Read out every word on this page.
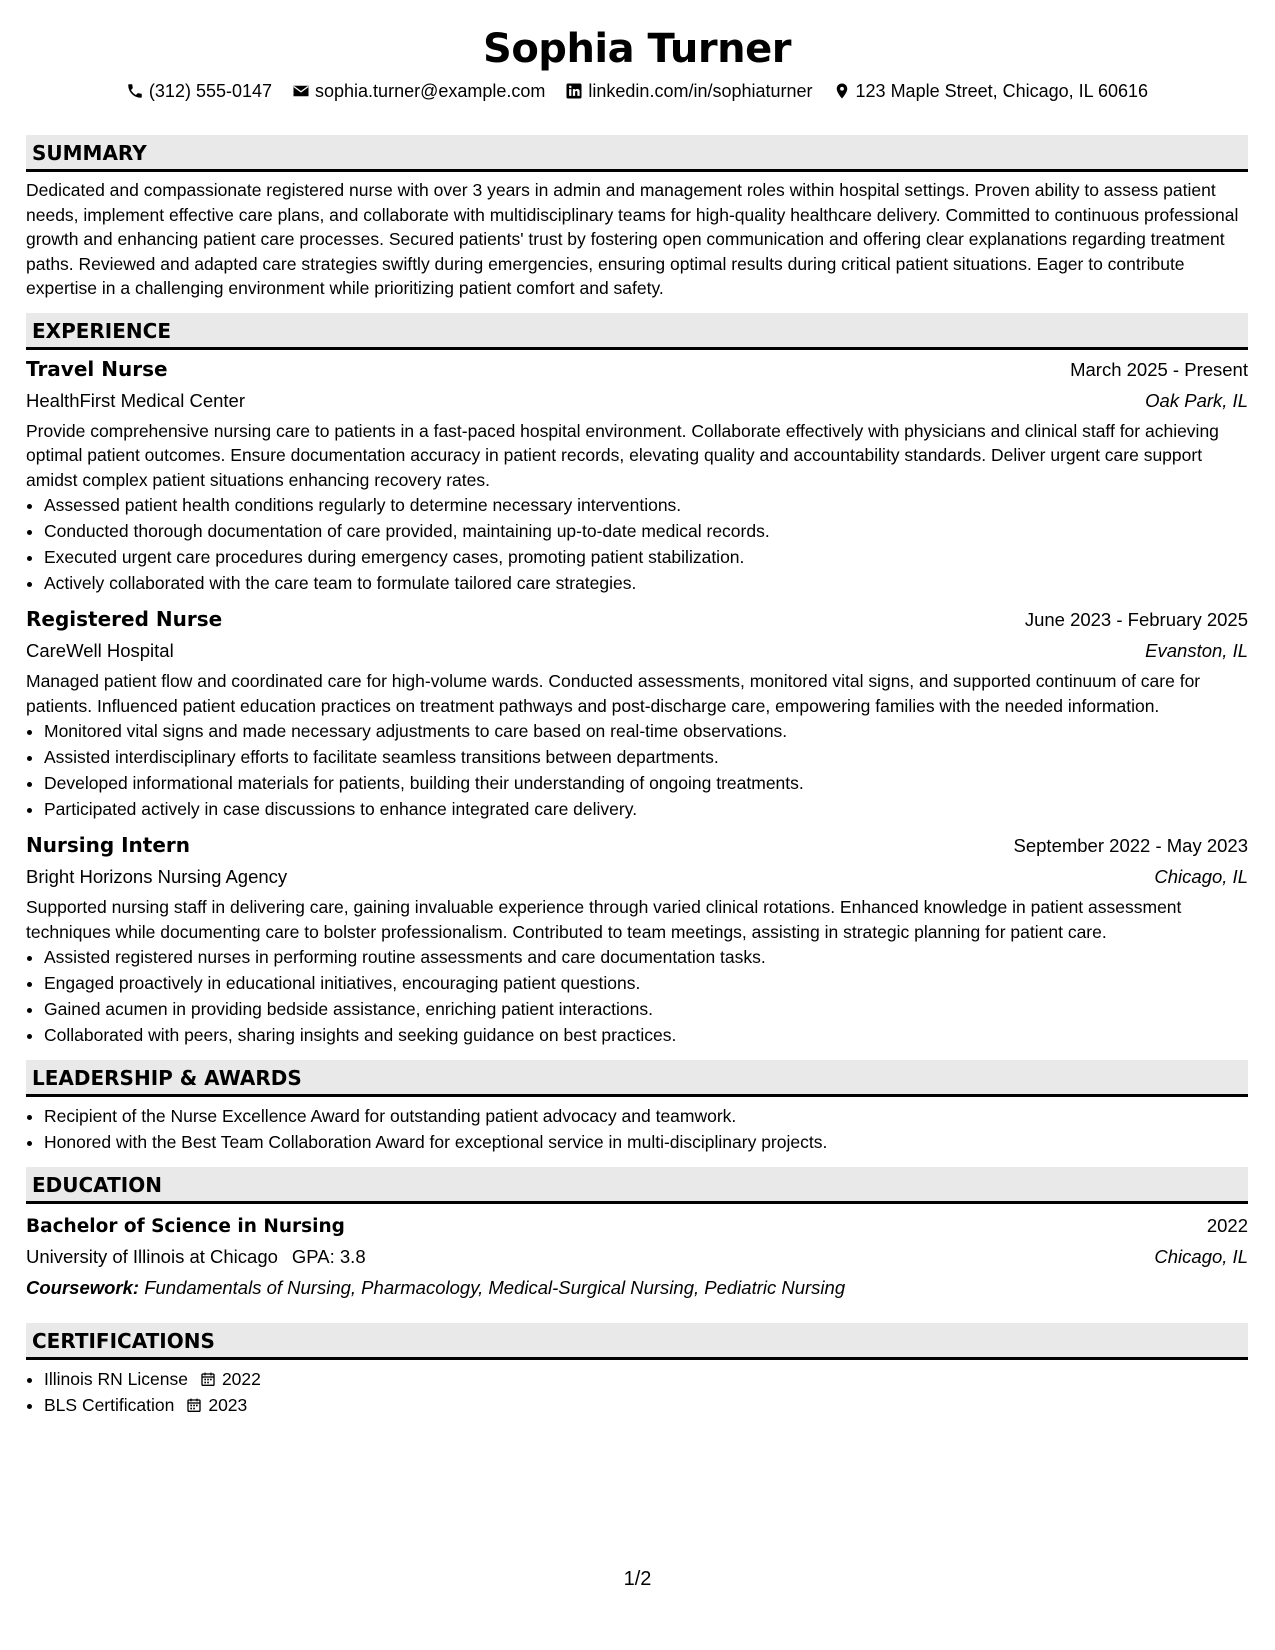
Sophia Turner
(312) 555-0147 sophia.turner@example.com linkedin.com/in/sophiaturner 123 Maple Street, Chicago, IL 60616
SUMMARY

Dedicated and compassionate registered nurse with over 3 years in admin and management roles within hospital settings. Proven ability to assess patient needs, implement effective care plans, and collaborate with multidisciplinary teams for high-quality healthcare delivery. Committed to continuous professional growth and enhancing patient care processes. Secured patients' trust by fostering open communication and offering clear explanations regarding treatment paths. Reviewed and adapted care strategies swiftly during emergencies, ensuring optimal results during critical patient situations. Eager to contribute expertise in a challenging environment while prioritizing patient comfort and safety.

EXPERIENCE
Travel Nurse	March 2025 - Present
HealthFirst Medical Center	Oak Park, IL

Provide comprehensive nursing care to patients in a fast-paced hospital environment. Collaborate effectively with physicians and clinical staff for achieving optimal patient outcomes. Ensure documentation accuracy in patient records, elevating quality and accountability standards. Deliver urgent care support amidst complex patient situations enhancing recovery rates.

• Assessed patient health conditions regularly to determine necessary interventions.
• Conducted thorough documentation of care provided, maintaining up-to-date medical records.
• Executed urgent care procedures during emergency cases, promoting patient stabilization.
• Actively collaborated with the care team to formulate tailored care strategies.
Registered Nurse	June 2023 - February 2025
CareWell Hospital	Evanston, IL

Managed patient flow and coordinated care for high-volume wards. Conducted assessments, monitored vital signs, and supported continuum of care for patients. Influenced patient education practices on treatment pathways and post-discharge care, empowering families with the needed information.

• Monitored vital signs and made necessary adjustments to care based on real-time observations.
• Assisted interdisciplinary efforts to facilitate seamless transitions between departments.
• Developed informational materials for patients, building their understanding of ongoing treatments.
• Participated actively in case discussions to enhance integrated care delivery.
Nursing Intern	September 2022 - May 2023
Bright Horizons Nursing Agency	Chicago, IL

Supported nursing staff in delivering care, gaining invaluable experience through varied clinical rotations. Enhanced knowledge in patient assessment techniques while documenting care to bolster professionalism. Contributed to team meetings, assisting in strategic planning for patient care.

• Assisted registered nurses in performing routine assessments and care documentation tasks.
• Engaged proactively in educational initiatives, encouraging patient questions.
• Gained acumen in providing bedside assistance, enriching patient interactions.
• Collaborated with peers, sharing insights and seeking guidance on best practices.
LEADERSHIP & AWARDS
• Recipient of the Nurse Excellence Award for outstanding patient advocacy and teamwork.
• Honored with the Best Team Collaboration Award for exceptional service in multi-disciplinary projects.
EDUCATION
Bachelor of Science in Nursing	2022
University of Illinois at Chicago GPA: 3.8	Chicago, IL
Coursework: Fundamentals of Nursing, Pharmacology, Medical-Surgical Nursing, Pediatric Nursing
CERTIFICATIONS
• Illinois RN License 2022
• BLS Certification 2023
1/2
